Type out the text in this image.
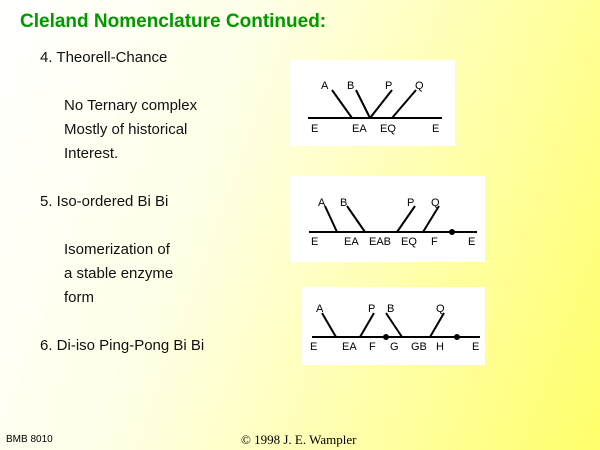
Cleland Nomenclature Continued:
4. Theorell-Chance
No Ternary complex
Mostly of historical
Interest.
5. Iso-ordered Bi Bi
Isomerization of
a stable enzyme
form
6. Di-iso Ping-Pong Bi Bi
A B	P Q
E	EA EQ	E
A B	P Q
E EA EAB EQ F	E
A	P B	Q
E EA F G GB H	E
BMB 8010	© 1998 J. E. Wampler
